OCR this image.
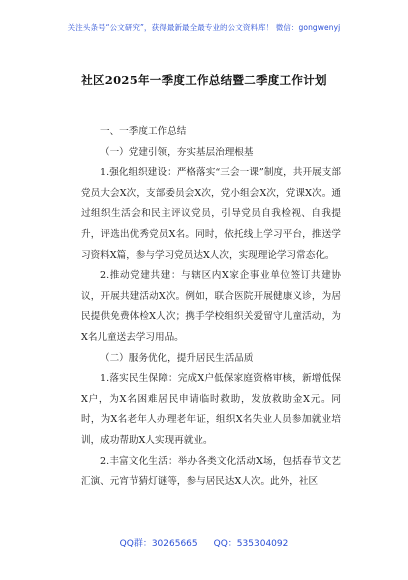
关注头条号“公文研究”，获得最新最全最专业的公文资料库！ 微信：gongwenyj
社区2025年一季度工作总结暨二季度工作计划

一、一季度工作总结

（一）党建引领，夯实基层治理根基

1.强化组织建设：严格落实“三会一课”制度，共开展支部党员大会X次，支部委员会X次，党小组会X次，党课X次。通过组织生活会和民主评议党员，引导党员自我检视、自我提升，评选出优秀党员X名。同时，依托线上学习平台，推送学习资料X篇，参与学习党员达X人次，实现理论学习常态化。

2.推动党建共建：与辖区内X家企事业单位签订共建协议，开展共建活动X次。例如，联合医院开展健康义诊，为居民提供免费体检X人次；携手学校组织关爱留守儿童活动，为X名儿童送去学习用品。

（二）服务优化，提升居民生活品质

1.落实民生保障：完成X户低保家庭资格审核，新增低保X户，为X名困难居民申请临时救助，发放救助金X元。同时，为X名老年人办理老年证，组织X名失业人员参加就业培训，成功帮助X人实现再就业。

2.丰富文化生活：举办各类文化活动X场，包括春节文艺汇演、元宵节猜灯谜等，参与居民达X人次。此外，社区

QQ群：30265665 QQ：535304092
